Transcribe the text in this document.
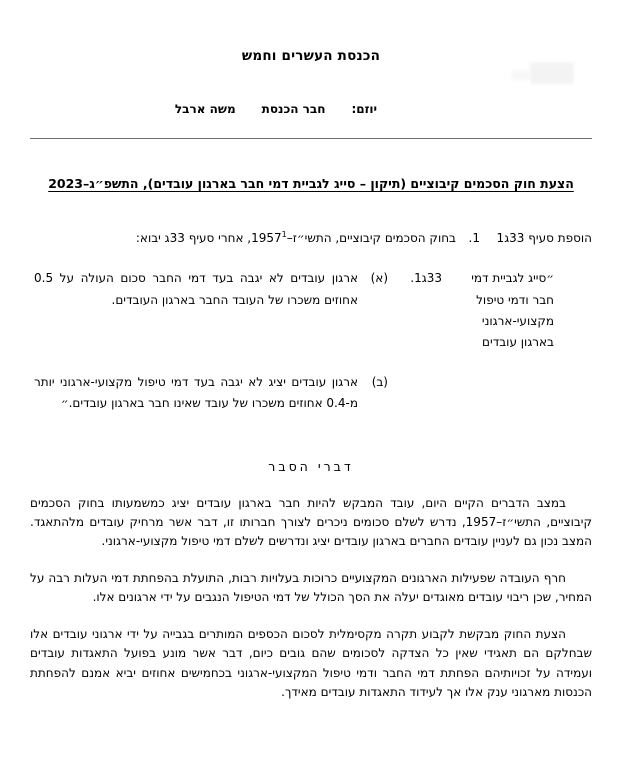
הכנסת העשרים וחמש
יוזם:
חבר הכנסת
משה ארבל
הצעת חוק הסכמים קיבוציים (תיקון – סייג לגביית דמי חבר בארגון עובדים), התשפ״ג–2023
הוספת סעיף 33ג1
1.
בחוק הסכמים קיבוציים, התשי״ז–1957$^1$, אחרי סעיף 33ג יבוא:
״סייג לגביית דמי
חבר ודמי טיפול
מקצועי-ארגוני
בארגון עובדים
33ג1.
(א)
ארגון עובדים לא יגבה בעד דמי החבר סכום העולה על 0.5 אחוזים משכרו של העובד החבר בארגון העובדים.
(ב)
ארגון עובדים יציג לא יגבה בעד דמי טיפול מקצועי-ארגוני יותר מ-0.4 אחוזים משכרו של עובד שאינו חבר בארגון עובדים.״
דברי הסבר

במצב הדברים הקיים היום, עובד המבקש להיות חבר בארגון עובדים יציג כמשמעותו בחוק הסכמים קיבוציים, התשי״ז–1957, נדרש לשלם סכומים ניכרים לצורך חברותו זו, דבר אשר מרחיק עובדים מלהתאגד. המצב נכון גם לעניין עובדים החברים בארגון עובדים יציג ונדרשים לשלם דמי טיפול מקצועי-ארגוני.

חרף העובדה שפעילות הארגונים המקצועיים כרוכות בעלויות רבות, התועלת בהפחתת דמי העלות רבה על המחיר, שכן ריבוי עובדים מאוגדים יעלה את הסך הכולל של דמי הטיפול הנגבים על ידי ארגונים אלו.

הצעת החוק מבקשת לקבוע תקרה מקסימלית לסכום הכספים המותרים בגבייה על ידי ארגוני עובדים אלו שבחלקם הם תאגידי שאין כל הצדקה לסכומים שהם גובים כיום, דבר אשר מונע בפועל התאגדות עובדים ועמידה על זכויותיהם הפחתת דמי החבר ודמי טיפול המקצועי-ארגוני בכחמישים אחוזים יביא אמנם להפחתת הכנסות מארגוני ענק אלו אך לעידוד התאגדות עובדים מאידך.
